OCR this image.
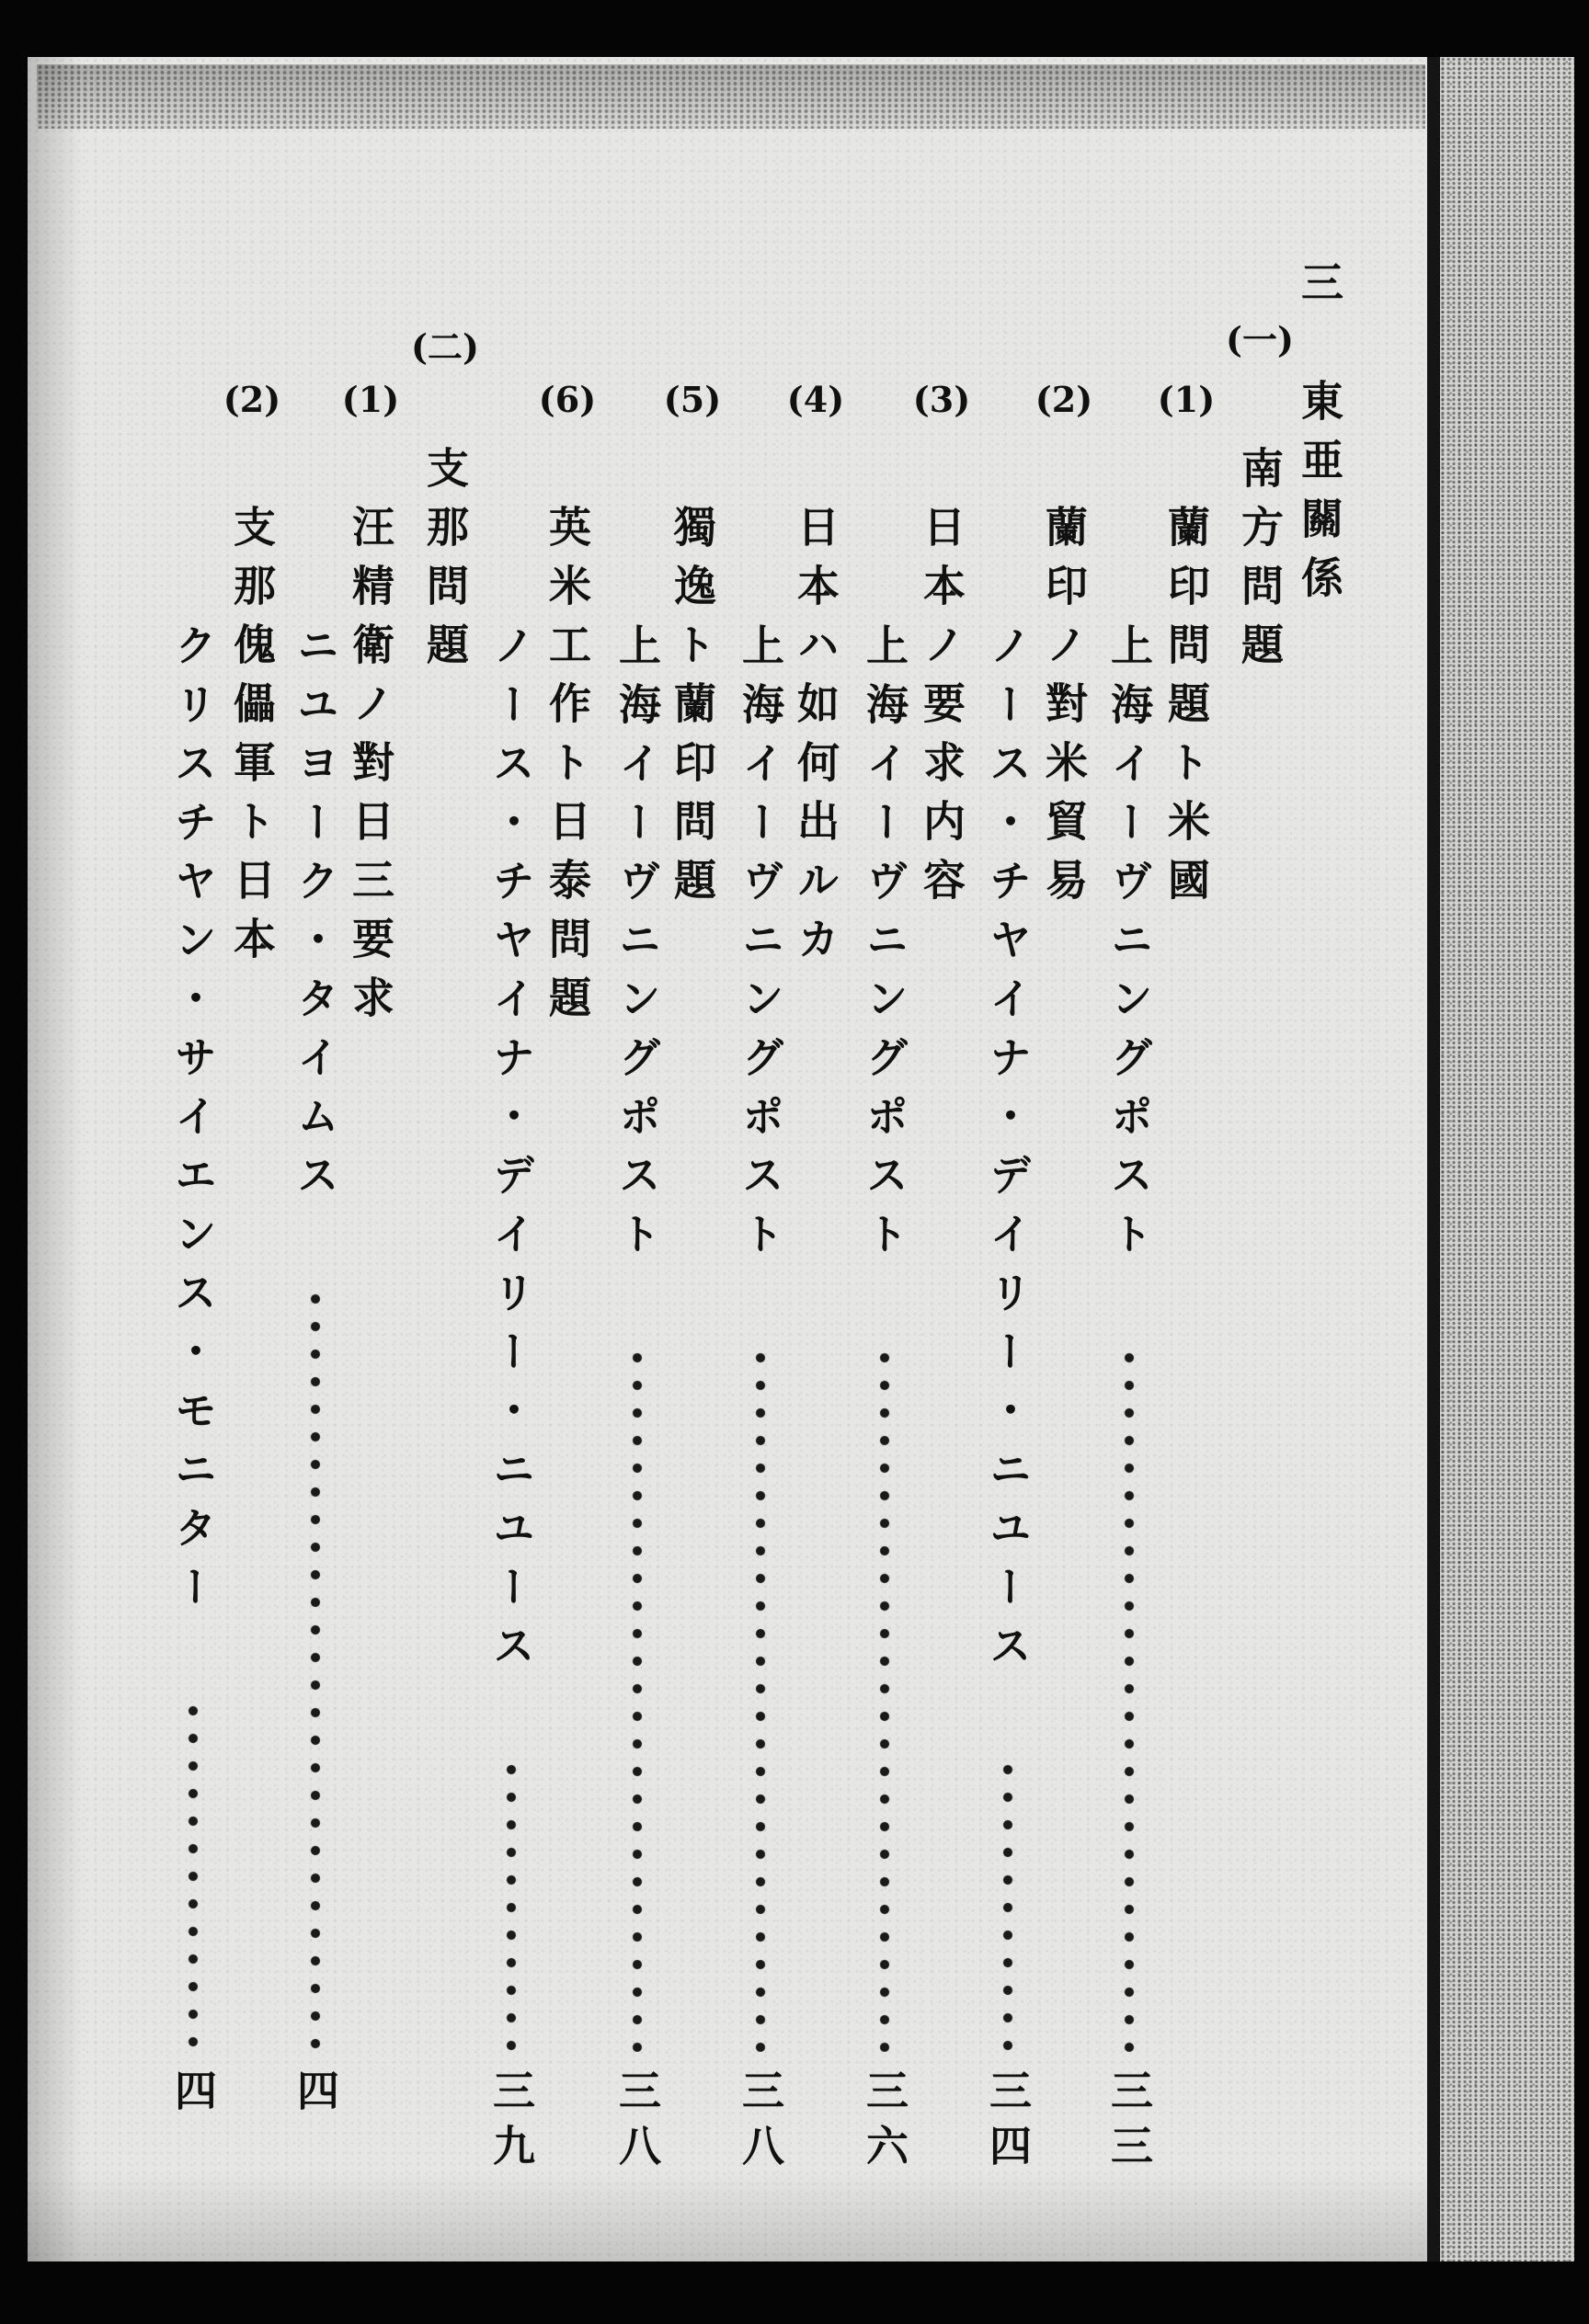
三
東亜關係
(一)
南方問題
(1)
蘭印問題ト米國
上海イーヴニングポスト
三三
(2)
蘭印ノ對米貿易
ノース・チヤイナ・デイリー・ニユース
三四
(3)
日本ノ要求内容
上海イーヴニングポスト
三六
(4)
日本ハ如何出ルカ
上海イーヴニングポスト
三八
(5)
獨逸ト蘭印問題
上海イーヴニングポスト
三八
(6)
英米工作ト日泰問題
ノース・チヤイナ・デイリー・ニユース
三九
(二)
支那問題
(1)
汪精衛ノ對日三要求
ニユヨーク・タイムス
四
(2)
支那傀儡軍ト日本
クリスチヤン・サイエンス・モニター
四
